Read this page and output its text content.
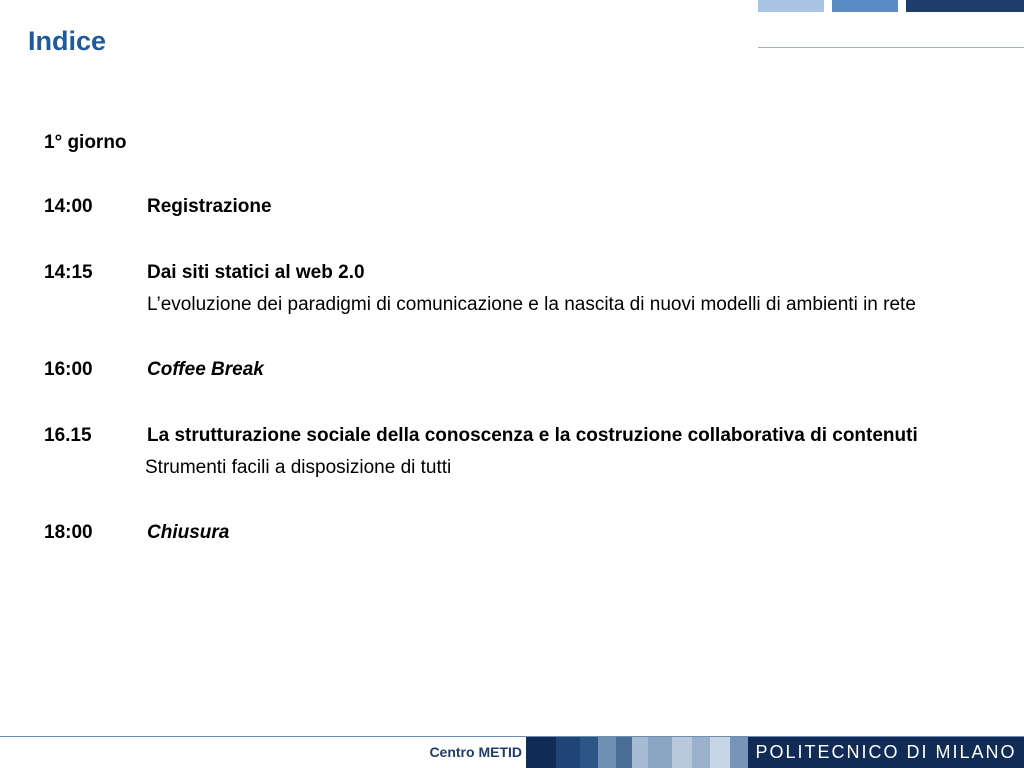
Indice
1° giorno
14:00	Registrazione
14:15	Dai siti statici al web 2.0
L’evoluzione dei paradigmi di comunicazione e la nascita di nuovi modelli di ambienti in rete
16:00	Coffee Break
16.15	La strutturazione sociale della conoscenza e la costruzione collaborativa di contenuti
Strumenti facili a disposizione di tutti
18:00	Chiusura
Centro METID	POLITECNICO DI MILANO
